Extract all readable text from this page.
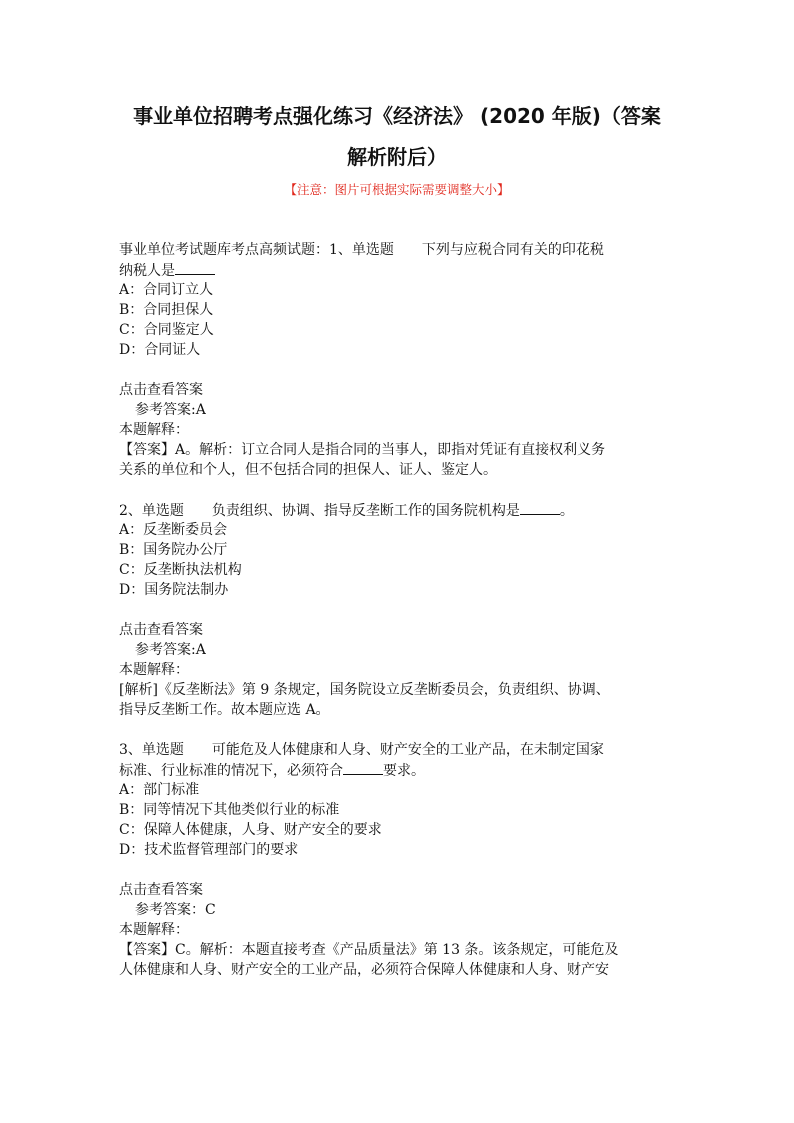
事业单位招聘考点强化练习《经济法》 (2020 年版)（答案
解析附后）
【注意：图片可根据实际需要调整大小】
事业单位考试题库考点高频试题：1、单选题 下列与应税合同有关的印花税
纳税人是
A：合同订立人
B：合同担保人
C：合同鉴定人
D：合同证人
点击查看答案
参考答案:A
本题解释：
【答案】A。解析：订立合同人是指合同的当事人，即指对凭证有直接权利义务
关系的单位和个人，但不包括合同的担保人、证人、鉴定人。
2、单选题 负责组织、协调、指导反垄断工作的国务院机构是	。
A：反垄断委员会
B：国务院办公厅
C：反垄断执法机构
D：国务院法制办
点击查看答案
参考答案:A
本题解释：
[解析]《反垄断法》第 9 条规定，国务院设立反垄断委员会，负责组织、协调、
指导反垄断工作。故本题应选 A。
3、单选题 可能危及人体健康和人身、财产安全的工业产品，在未制定国家
标准、行业标准的情况下，必须符合	要求。
A：部门标准
B：同等情况下其他类似行业的标准
C：保障人体健康，人身、财产安全的要求
D：技术监督管理部门的要求
点击查看答案
参考答案：C
本题解释：
【答案】C。解析：本题直接考查《产品质量法》第 13 条。该条规定，可能危及
人体健康和人身、财产安全的工业产品，必须符合保障人体健康和人身、财产安
